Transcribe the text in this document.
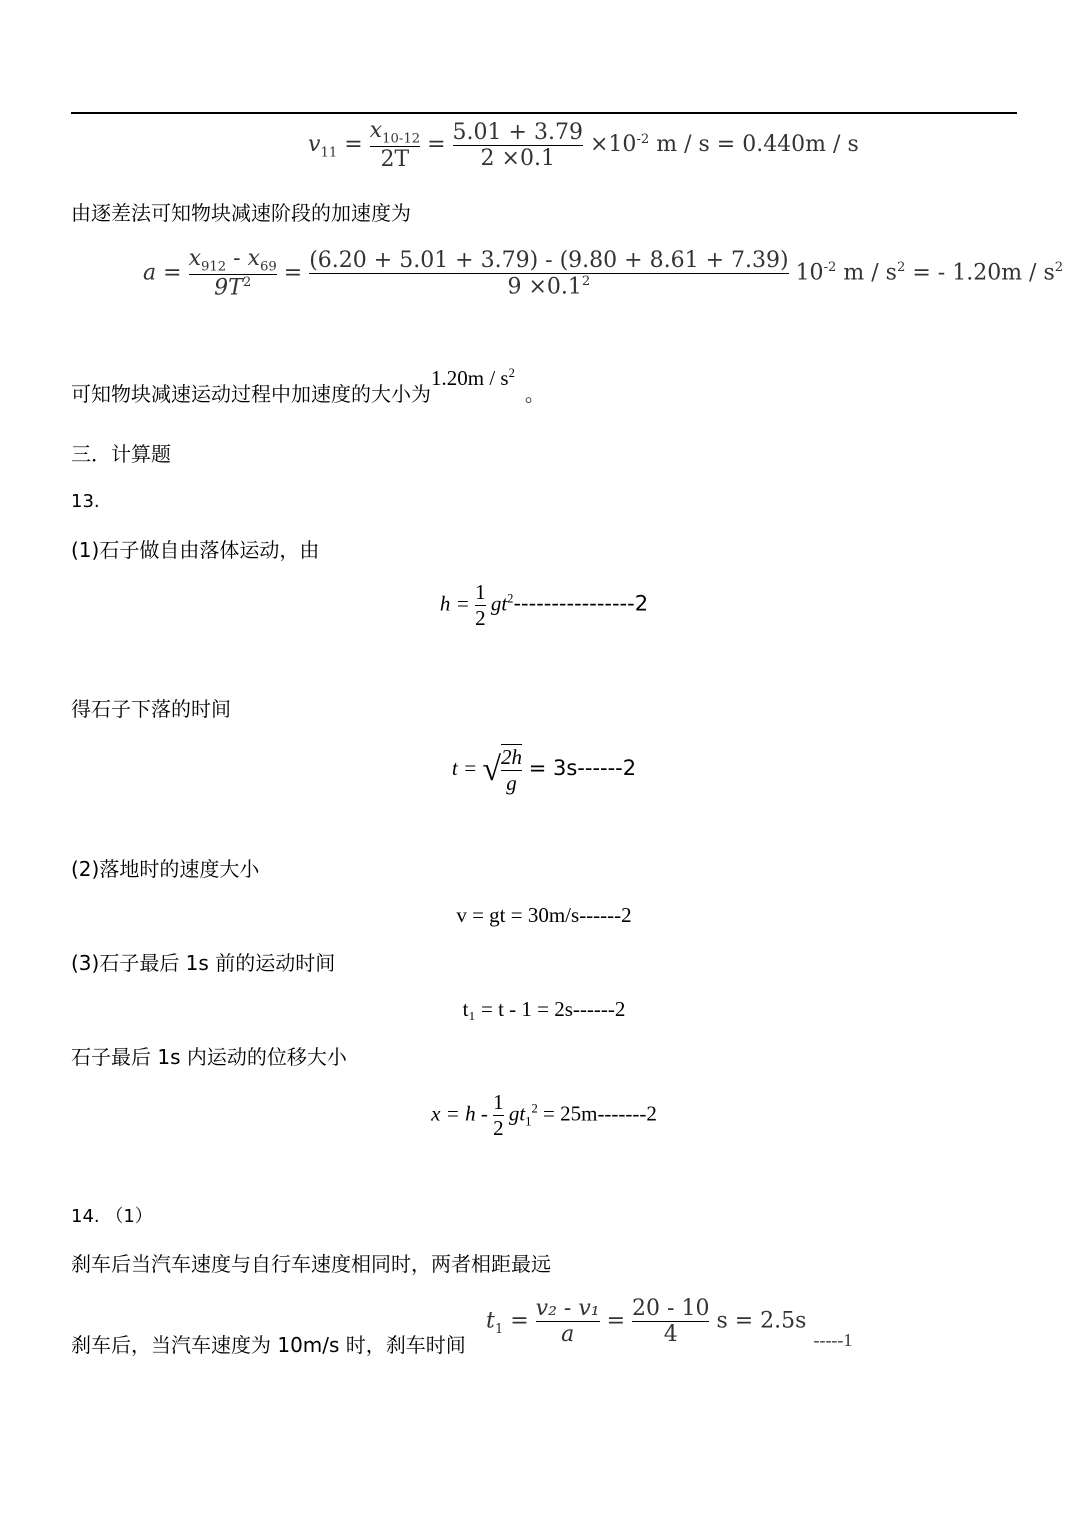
$v_{11} = \frac{x_{10-12}}{2T} = \frac{5.01 + 3.79}{2 \times 0.1} \times 10^{-2}$ m / s = 0.440m / s
由逐差法可知物块减速阶段的加速度为
$a = \frac{x_{912} - x_{69}}{9T^2} = \frac{(6.20 + 5.01 + 3.79) - (9.80 + 8.61 + 7.39)}{9 \times 0.1^2} 10^{-2}$ m / $s^2$ = - $1.20m / s^2$
可知物块减速运动过程中加速度的大小为$1.20m / s^2$。
三．计算题
13.
(1)石子做自由落体运动，由
$h = \frac{1}{2} gt^2----------------2$
得石子下落的时间
t = √ $\frac{2h}{g} = 3s------2$
(2)落地时的速度大小
v = gt = 30m/s------2
(3)石子最后 1s 前的运动时间
t₁ = t - 1 = 2s------2
石子最后 1s 内运动的位移大小
$x = h - \frac{1}{2} gt_1^2 = 25m-------2$
14. （1）
刹车后当汽车速度与自行车速度相同时，两者相距最远
刹车后，当汽车速度为 10m/s 时，刹车时间
$t_1 = \frac{\text{v₂ - v₁}}{a} = \frac{20 - 10}{4}$ s = 2.5s $_{-----1}$
